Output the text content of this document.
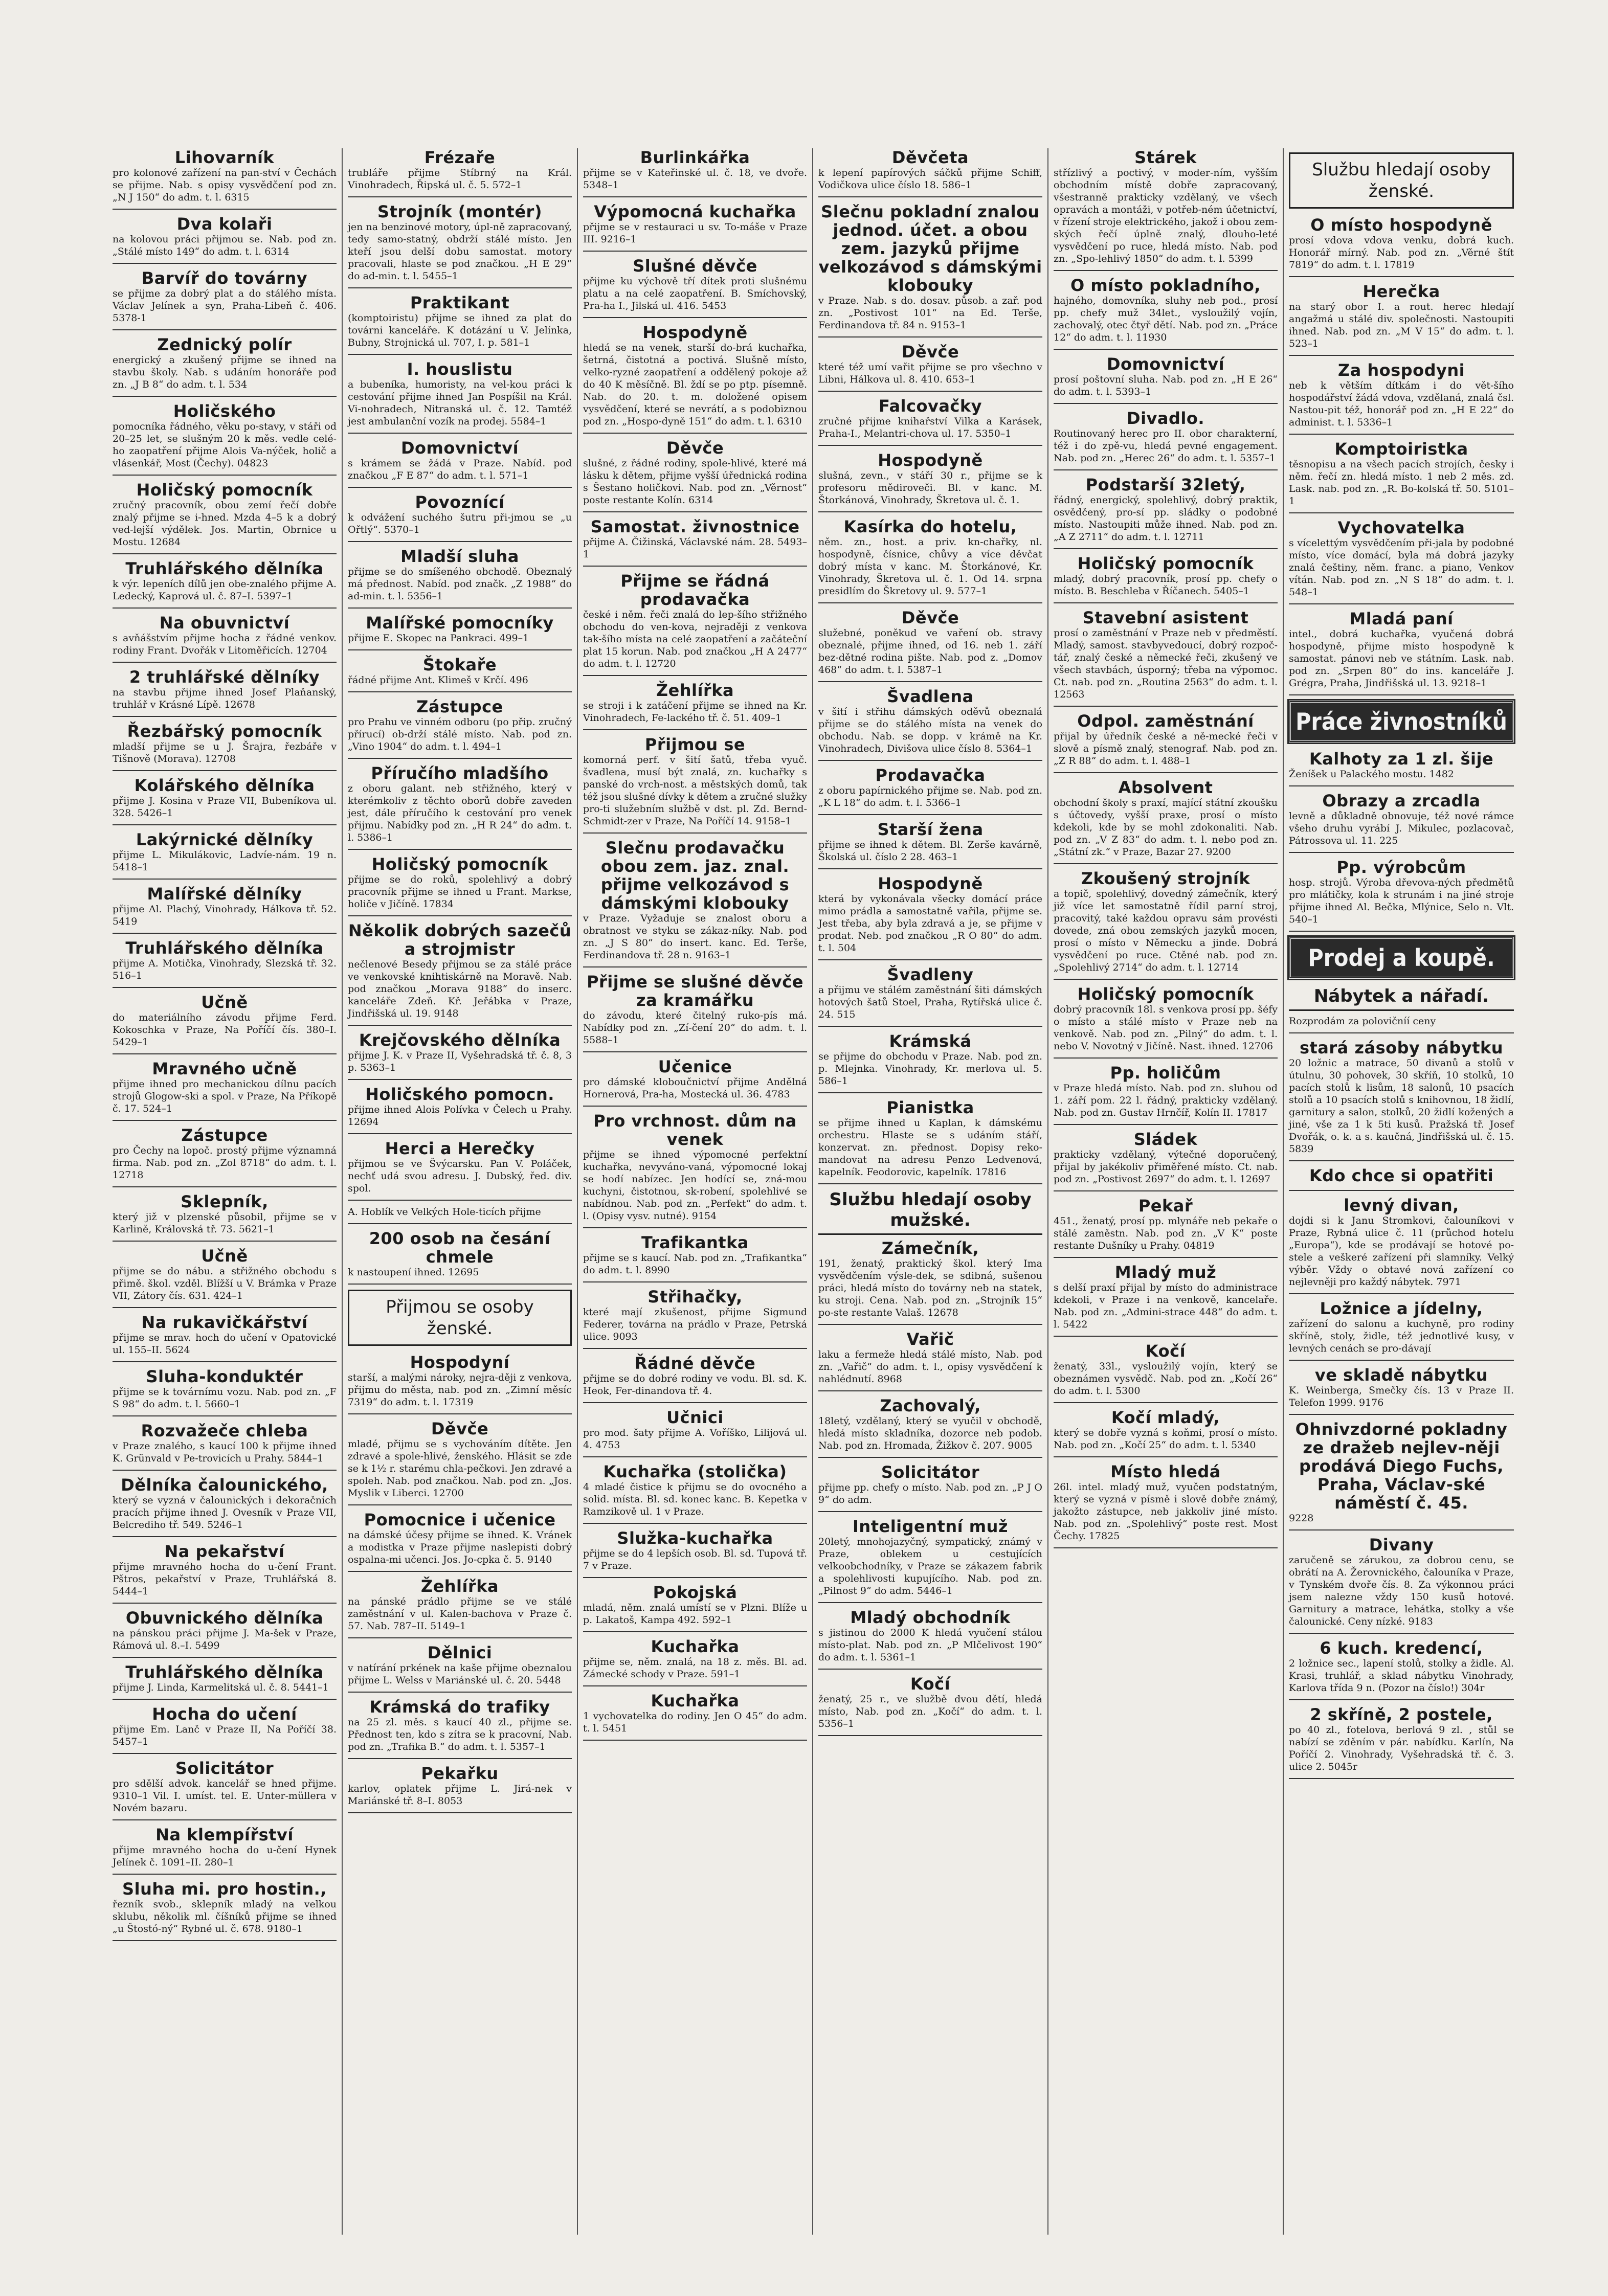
Lihovarník

pro kolonové zařízení na pan-ství v Čechách se přijme. Nab. s opisy vysvědčení pod zn. „N J 150“ do adm. t. l. 6315

Dva kolaři

na kolovou práci přijmou se. Nab. pod zn. „Stálé místo 149“ do adm. t. l. 6314

Barvíř do továrny

se přijme za dobrý plat a do stálého místa. Václav Jelínek a syn, Praha-Libeň č. 406. 5378-1

Zednický polír

energický a zkušený přijme se ihned na stavbu školy. Nab. s udáním honoráře pod zn. „J B 8“ do adm. t. l. 534

Holičského

pomocníka řádného, věku po-stavy, v stáři od 20–25 let, se slušným 20 k měs. vedle celé-ho zaopatření přijme Alois Va-nýček, holič a vlásenkář, Most (Čechy). 04823

Holičský pomocník

zručný pracovník, obou zemí řečí dobře znalý přijme se i-hned. Mzda 4–5 k a dobrý ved-lejší výdělek. Jos. Martin, Obrnice u Mostu. 12684

Truhlářského dělníka

k výr. lepeních dílů jen obe-znalého přijme A. Ledecký, Kaprová ul. č. 87–I. 5397–1

Na obuvnictví

s avňášstvím přijme hocha z řádné venkov. rodiny Frant. Dvořák v Litoměřicích. 12704

2 truhlářské dělníky

na stavbu přijme ihned Josef Plaňanský, truhlář v Krásné Lípě. 12678

Řezbářský pomocník

mladší přijme se u J. Šrajra, řezbáře v Tišnově (Morava). 12708

Kolářského dělníka

přijme J. Kosina v Praze VII, Bubeníkova ul. 328. 5426–1

Lakýrnické dělníky

přijme L. Mikulákovic, Ladvíe-nám. 19 n. 5418–1

Malířské dělníky

přijme Al. Plachý, Vinohrady, Hálkova tř. 52. 5419

Truhlářského dělníka

přijme A. Motička, Vinohrady, Slezská tř. 32. 516–1

Učně

do materiálního závodu přijme Ferd. Kokoschka v Praze, Na Poříčí čís. 380–I. 5429–1

Mravného učně

přijme ihned pro mechanickou dílnu pacích strojů Glogow-ski a spol. v Praze, Na Příkopě č. 17. 524–1

Zástupce

pro Čechy na lopoč. prostý přijme významná firma. Nab. pod zn. „Zol 8718“ do adm. t. l. 12718

Sklepník,

který již v plzenské působil, přijme se v Karlině, Královská tř. 73. 5621–1

Učně

přijme se do nábu. a střižného obchodu s přimě. škol. vzděl. Blížší u V. Brámka v Praze VII, Zátory čís. 631. 424–1

Na rukavičkářství

přijme se mrav. hoch do učení v Opatovické ul. 155–II. 5624

Sluha-konduktér

přijme se k továrnímu vozu. Nab. pod zn. „F S 98“ do adm. t. l. 5660–1

Rozvažeče chleba

v Praze znalého, s kaucí 100 k přijme ihned K. Grünvald v Pe-trovicích u Prahy. 5844–1

Dělníka čalounického,

který se vyzná v čalounických i dekoračních pracích přijme ihned J. Ovesník v Praze VII, Belcrediho tř. 549. 5246–1

Na pekařství

přijme mravného hocha do u-čení Frant. Pštros, pekařství v Praze, Truhlářská 8. 5444–1

Obuvnického dělníka

na pánskou práci přijme J. Ma-šek v Praze, Rámová ul. 8.–I. 5499

Truhlářského dělníka

přijme J. Linda, Karmelitská ul. č. 8. 5441–1

Hocha do učení

přijme Em. Lanč v Praze II, Na Poříčí 38. 5457–1

Solicitátor

pro sdělší advok. kancelář se hned přijme. 9310–1 Vil. I. umíst. tel. E. Unter-müllera v Novém bazaru.

Na klempířství

přijme mravného hocha do u-čení Hynek Jelínek č. 1091–II. 280–1

Sluha mi. pro hostin.,

řezník svob., sklepník mladý na velkou sklubu, několik ml. číšníků přijme se ihned „u Štostó-ný“ Rybné ul. č. 678. 9180–1

Frézaře

trubláře přijme Stíbrný na Král. Vinohradech, Řipská ul. č. 5. 572–1

Strojník (montér)

jen na benzinové motory, úpl-ně zapracovaný, tedy samo-statný, obdrží stálé místo. Jen kteří jsou delší dobu samostat. motory pracovali, hlaste se pod značkou. „H E 29“ do ad-min. t. l. 5455–1

Praktikant

(komptoiristu) přijme se ihned za plat do továrni kanceláře. K dotázání u V. Jelínka, Bubny, Strojnická ul. 707, I. p. 581–1

I. houslistu

a bubeníka, humoristy, na vel-kou práci k cestování přijme ihned Jan Pospíšil na Král. Vi-nohradech, Nitranská ul. č. 12. Tamtéž jest ambulanční vozík na prodej. 5584–1

Domovnictví

s krámem se žádá v Praze. Nabíd. pod značkou „F E 87“ do adm. t. l. 571–1

Povoznící

k odvážení suchého šutru při-jmou se „u Ořtlý“. 5370–1

Mladší sluha

přijme se do smíšeného obchodě. Obeznalý má přednost. Nabíd. pod značk. „Z 1988“ do ad-min. t. l. 5356–1

Malířské pomocníky

přijme E. Skopec na Pankraci. 499–1

Štokaře

řádné přijme Ant. Klimeš v Krčí. 496

Zástupce

pro Prahu ve vinném odboru (po přip. zručný přírucí) ob-drží stálé místo. Nab. pod zn. „Vino 1904“ do adm. t. l. 494–1

Příručího mladšího

z oboru galant. neb střižného, který v kterémkoliv z těchto oborů dobře zaveden jest, dále příručího k cestování pro venek přijmu. Nabídky pod zn. „H R 24“ do adm. t. l. 5386–1

Holičský pomocník

přijme se do roků, spolehlivý a dobrý pracovník přijme se ihned u Frant. Markse, holiče v Jičíně. 17834

Několik dobrých sazečů a strojmistr

nečlenové Besedy přijmou se za stálé práce ve venkovské knihtiskárně na Moravě. Nab. pod značkou „Morava 9188“ do inserc. kanceláře Zdeň. Kř. Jeřábka v Praze, Jindřišská ul. 19. 9148

Krejčovského dělníka

přijme J. K. v Praze II, Vyšehradská tř. č. 8, 3 p. 5363–1

Holičského pomocn.

přijme ihned Alois Polívka v Čelech u Prahy. 12694

Herci a Herečky

přijmou se ve Švýcarsku. Pan V. Poláček, nechť udá svou adresu. J. Dubský, řed. div. spol.

A. Hoblík ve Velkých Hole-ticích přijme

200 osob na česání chmele

k nastoupení ihned. 12695

Přijmou se osoby ženské.
Hospodyní

starší, a malými nároky, nejra-ději z venkova, přijmu do města, nab. pod zn. „Zimní měsíc 7319“ do adm. t. l. 17319

Děvče

mladé, přijmu se s vychováním dítěte. Jen zdravé a spole-hlivé, ženského. Hlásit se zde se k 1½ r. starému chla-pečkovi. Jen zdravé a spoleh. Nab. pod značkou. Nab. pod zn. „Jos. Myslik v Liberci. 12700

Pomocnice i učenice

na dámské účesy přijme se ihned. K. Vránek a modistka v Praze přijme naslepisti dobrý ospalna-mi učenci. Jos. Jo-cpka č. 5. 9140

Žehlířka

na pánské prádlo přijme se ve stálé zaměstnání v ul. Kalen-bachova v Praze č. 57. Nab. 787–II. 5149–1

Dělnici

v natírání prkének na kaše přijme obeznalou přijme L. Welss v Mariánské ul. č. 20. 5448

Krámská do trafiky

na 25 zl. měs. s kaucí 40 zl., přijme se. Přednost ten, kdo s zítra se k pracovní, Nab. pod zn. „Trafika B.“ do adm. t. l. 5357–1

Pekařku

karlov, oplatek přijme L. Jirá-nek v Mariánské tř. 8–I. 8053

Burlinkářka

přijme se v Kateřinské ul. č. 18, ve dvoře. 5348–1

Výpomocná kuchařka

přijme se v restauraci u sv. To-máše v Praze III. 9216–1

Slušné děvče

přijme ku výchově tří dítek proti slušnému platu a na celé zaopatření. B. Smíchovský, Pra-ha I., Jilská ul. 416. 5453

Hospodyně

hledá se na venek, starší do-brá kuchařka, šetrná, čistotná a poctivá. Slušně místo, velko-ryzné zaopatření a oddělený pokoje až do 40 K měsíčně. Bl. ždí se po ptp. písemně. Nab. do 20. t. m. doložené opisem vysvědčení, které se nevrátí, a s podobiznou pod zn. „Hospo-dyně 151“ do adm. t. l. 6310

Děvče

slušné, z řádné rodiny, spole-hlivé, které má lásku k dětem, přijme vyšší úřednická rodina s Šestano holičkovi. Nab. pod zn. „Věrnost“ poste restante Kolín. 6314

Samostat. živnostnice

přijme A. Čižinská, Václavské nám. 28. 5493–1

Přijme se řádná prodavačka

české i něm. řeči znalá do lep-šího střižného obchodu do ven-kova, nejraději z venkova tak-šího místa na celé zaopatření a začáteční plat 15 korun. Nab. pod značkou „H A 2477“ do adm. t. l. 12720

Žehlířka

se stroji i k zatáčení přijme se ihned na Kr. Vinohradech, Fe-lackého tř. č. 51. 409–1

Přijmou se

komorná perf. v šití šatů, třeba vyuč. švadlena, musí být znalá, zn. kuchařky s panské do vrch-nost. a městských domů, tak též jsou slušné dívky k dětem a zručné služky pro-ti služebním službě v dst. pl. Zd. Bernd-Schmidt-zer v Praze, Na Poříčí 14. 9158–1

Slečnu prodavačku obou zem. jaz. znal. přijme velkozávod s dámskými klobouky

v Praze. Vyžaduje se znalost oboru a obratnost ve styku se zákaz-níky. Nab. pod zn. „J S 80“ do insert. kanc. Ed. Terše, Ferdinandova tř. 28 n. 9163–1

Přijme se slušné děvče za kramářku

do závodu, které čitelný ruko-pís má. Nabídky pod zn. „Zí-čení 20“ do adm. t. l. 5588–1

Učenice

pro dámské kloboučnictví přijme Andělná Hornerová, Pra-ha, Mostecká ul. 36. 4783

Pro vrchnost. dům na venek

přijme se ihned výpomocné perfektní kuchařka, nevyváno-vaná, výpomocné lokaj se hodí nabízec. Jen hodící se, zná-mou kuchyni, čistotnou, sk-robení, spolehlivé se nabídnou. Nab. pod zn. „Perfekt“ do adm. t. l. (Opisy vysv. nutné). 9154

Trafikantka

přijme se s kaucí. Nab. pod zn. „Trafikantka“ do adm. t. l. 8990

Střihačky,

které mají zkušenost, přijme Sigmund Federer, továrna na prádlo v Praze, Petrská ulice. 9093

Řádné děvče

přijme se do dobré rodiny ve vodu. Bl. sd. K. Heok, Fer-dinandova tř. 4.

Učnici

pro mod. šaty přijme A. Voříško, Lilijová ul. 4. 4753

Kuchařka (stolička)

4 mladé čistice k přijmu se do ovocného a solid. místa. Bl. sd. konec kanc. B. Kepetka v Ramzikově ul. 1 v Praze.

Služka-kuchařka

přijme se do 4 lepších osob. Bl. sd. Tupová tř. 7 v Praze.

Pokojská

mladá, něm. znalá umístí se v Plzni. Blíže u p. Lakatoš, Kampa 492. 592–1

Kuchařka

přijme se, něm. znalá, na 18 z. měs. Bl. ad. Zámecké schody v Praze. 591–1

Kuchařka

1 vychovatelka do rodiny. Jen O 45“ do adm. t. l. 5451

Děvčeta

k lepení papírových sáčků přijme Schiff, Vodičkova ulice číslo 18. 586–1

Slečnu pokladní znalou jednod. účet. a obou zem. jazyků přijme velkozávod s dámskými klobouky

v Praze. Nab. s do. dosav. působ. a zař. pod zn. „Postivost 101“ na Ed. Terše, Ferdinandova tř. 84 n. 9153–1

Děvče

které též umí vařit přijme se pro všechno v Libni, Hálkova ul. 8. 410. 653–1

Falcovačky

zručné přijme knihařství Vilka a Karásek, Praha-I., Melantri-chova ul. 17. 5350–1

Hospodyně

slušná, zevn., v stáří 30 r., přijme se k profesoru mědiroveči. Bl. v kanc. M. Štorkánová, Vinohrady, Škretova ul. č. 1.

Kasírka do hotelu,

něm. zn., host. a priv. kn-chařky, nl. hospodyně, čísnice, chůvy a více děvčat dobrý místa v kanc. M. Štorkánové, Kr. Vinohrady, Škretova ul. č. 1. Od 14. srpna presidlím do Škretovy ul. 9. 577–1

Děvče

služebné, poněkud ve vaření ob. stravy obeznalé, přijme ihned, od 16. neb 1. září bez-dětné rodina pište. Nab. pod z. „Domov 468“ do adm. t. l. 5387–1

Švadlena

v šití i střihu dámských oděvů obeznalá přijme se do stálého místa na venek do obchodu. Nab. se dopp. v krámě na Kr. Vinohradech, Divišova ulice číslo 8. 5364–1

Prodavačka

z oboru papírnického přijme se. Nab. pod zn. „K L 18“ do adm. t. l. 5366–1

Starší žena

přijme se ihned k dětem. Bl. Zerše kavárně, Školská ul. číslo 2 28. 463–1

Hospodyně

která by vykonávala všecky domácí práce mimo prádla a samostatně vařila, přijme se. Jest třeba, aby byla zdravá a je, se přijme v prodat. Neb. pod značkou „R O 80“ do adm. t. l. 504

Švadleny

a přijmu ve stálém zaměstnání šiti dámských hotových šatů Stoel, Praha, Rytířská ulice č. 24. 515

Krámská

se přijme do obchodu v Praze. Nab. pod zn. p. Mlejnka. Vinohrady, Kr. merlova ul. 5. 586–1

Pianistka

se přijme ihned u Kaplan, k dámskému orchestru. Hlaste se s udáním stáří, konzervat. zn. přednost. Dopisy reko-mandovat na adresu Penzo Ledvenová, kapelník. Feodorovic, kapelník. 17816

Službu hledají osoby mužské.
Zámečník,

191, ženatý, praktický škol. který Ima vysvědčením výsle-dek, se sdibná, sušenou práci, hledá místo do továrny neb na statek, ku stroji. Cena. Nab. pod zn. „Strojník 15“ po-ste restante Valaš. 12678

Vařič

laku a fermeže hledá stálé místo, Nab. pod zn. „Vařič“ do adm. t. l., opisy vysvědčení k nahlédnutí. 8968

Zachovalý,

18letý, vzdělaný, který se vyučil v obchodě, hledá místo skladníka, dozorce neb podob. Nab. pod zn. Hromada, Žižkov č. 207. 9005

Solicitátor

přijme pp. chefy o místo. Nab. pod zn. „P J O 9“ do adm.

Inteligentní muž

20letý, mnohojazyčný, sympatický, známý v Praze, oblekem u cestujících velkoobchodníky, v Praze se zákazem fabrik a spolehlivosti kupujícího. Nab. pod zn. „Pilnost 9“ do adm. 5446–1

Mladý obchodník

s jistinou do 2000 K hledá vyučení stálou místo-plat. Nab. pod zn. „P Mlčelivost 190“ do adm. t. l. 5361–1

Kočí

ženatý, 25 r., ve službě dvou dětí, hledá místo, Nab. pod zn. „Kočí“ do adm. t. l. 5356–1

Stárek

střízlivý a poctivý, v moder-ním, vyšším obchodním místě dobře zapracovaný, všestranně prakticky vzdělaný, ve všech opravách a montáži, v potřeb-ném účetnictví, v řízení stroje elektrického, jakož i obou zem-ských řečí úplně znalý, dlouho-leté vysvědčení po ruce, hledá místo. Nab. pod zn. „Spo-lehlivý 1850“ do adm. t. l. 5399

O místo pokladního,

hajného, domovníka, sluhy neb pod., prosí pp. chefy muž 34let., vysloužilý vojín, zachovalý, otec čtyř dětí. Nab. pod zn. „Práce 12“ do adm. t. l. 11930

Domovnictví

prosí poštovní sluha. Nab. pod zn. „H E 26“ do adm. t. l. 5393–1

Divadlo.

Routinovaný herec pro II. obor charakterní, též i do zpě-vu, hledá pevné engagement. Nab. pod zn. „Herec 26“ do adm. t. l. 5357–1

Podstarší 32letý,

řádný, energický, spolehlivý, dobrý praktik, osvědčený, pro-sí pp. sládky o podobné místo. Nastoupiti může ihned. Nab. pod zn. „A Z 2711“ do adm. t. l. 12711

Holičský pomocník

mladý, dobrý pracovník, prosí pp. chefy o místo. B. Beschleba v Říčanech. 5405–1

Stavební asistent

prosí o zaměstnání v Praze neb v předměstí. Mladý, samost. stavbyvedoucí, dobrý rozpoč-tář, znalý české a německé řeči, zkušený ve všech stavbách, úsporný; třeba na výpomoc. Ct. nab. pod zn. „Routina 2563“ do adm. t. l. 12563

Odpol. zaměstnání

přijal by úředník české a ně-mecké řeči v slově a písmě znalý, stenograf. Nab. pod zn. „Z R 88“ do adm. t. l. 488–1

Absolvent

obchodní školy s praxí, mající státní zkoušku s účtovedy, vyšší praxe, prosí o místo kdekoli, kde by se mohl zdokonaliti. Nab. pod zn. „V Z 83“ do adm. t. l. nebo pod zn. „Státní zk.“ v Praze, Bazar 27. 9200

Zkoušený strojník

a topič, spolehlivý, dovedný zámečník, který již více let samostatně řídil parní stroj, pracovitý, také každou opravu sám provésti dovede, zná obou zemských jazyků mocen, prosí o místo v Německu a jinde. Dobrá vysvědčení po ruce. Ctěné nab. pod zn. „Spolehlivý 2714“ do adm. t. l. 12714

Holičský pomocník

dobrý pracovník 18l. s venkova prosí pp. šéfy o místo a stálé místo v Praze neb na venkově. Nab. pod zn. „Pilný“ do adm. t. l. nebo V. Novotný v Jičíně. Nast. ihned. 12706

Pp. holičům

v Praze hledá místo. Nab. pod zn. sluhou od 1. září pom. 22 l. řádný, prakticky vzdělaný. Nab. pod zn. Gustav Hrnčíř, Kolín II. 17817

Sládek

prakticky vzdělaný, výtečné doporučený, přijal by jakékoliv přiměřené místo. Ct. nab. pod zn. „Postivost 2697“ do adm. t. l. 12697

Pekař

451., ženatý, prosí pp. mlynáře neb pekaře o stálé zaměstn. Nab. pod zn. „V K“ poste restante Dušníky u Prahy. 04819

Mladý muž

s delší praxí přijal by místo do administrace kdekoli, v Praze i na venkově, kancelaře. Nab. pod zn. „Admini-strace 448“ do adm. t. l. 5422

Kočí

ženatý, 33l., vysloužilý vojín, který se obeznámen vysvědč. Nab. pod zn. „Kočí 26“ do adm. t. l. 5300

Kočí mladý,

který se dobře vyzná s koňmi, prosí o místo. Nab. pod zn. „Kočí 25“ do adm. t. l. 5340

Místo hledá

26l. intel. mladý muž, vyučen podstatným, který se vyzná v písmě i slově dobře známý, jakožto zástupce, neb jakkoliv jiné místo. Nab. pod zn. „Spolehlivý“ poste rest. Most Čechy. 17825

Službu hledají osoby ženské.
O místo hospodyně

prosí vdova vdova venku, dobrá kuch. Honorář mírný. Nab. pod zn. „Věrné štít 7819“ do adm. t. l. 17819

Herečka

na starý obor I. a rout. herec hledají angažmá u stálé div. společnosti. Nastoupiti ihned. Nab. pod zn. „M V 15“ do adm. t. l. 523–1

Za hospodyni

neb k větším dítkám i do vět-šího hospodářství žádá vdova, vzdělaná, znalá čsl. Nastou-pit též, honorář pod zn. „H E 22“ do administ. t. l. 5336–1

Komptoiristka

těsnopisu a na všech pacích strojích, česky i něm. řečí zn. hledá místo. 1 neb 2 měs. zd. Lask. nab. pod zn. „R. Bo-kolská tř. 50. 5101–1

Vychovatelka

s vícelettým vysvědčením při-jala by podobné místo, více domácí, byla má dobrá jazyky znalá češtiny, něm. franc. a piano, Venkov vítán. Nab. pod zn. „N S 18“ do adm. t. l. 548–1

Mladá paní

intel., dobrá kuchařka, vyučená dobrá hospodyně, přijme místo hospodyně k samostat. pánovi neb ve státním. Lask. nab. pod zn. „Srpen 80“ do ins. kanceláře J. Grégra, Praha, Jindřišská ul. 13. 9218–1

Práce živnostníků
Kalhoty za 1 zl. šije

Ženíšek u Palackého mostu. 1482

Obrazy a zrcadla

levně a důkladně obnovuje, též nové rámce všeho druhu vyrábí J. Mikulec, pozlacovač, Pátrossova ul. 11. 225

Pp. výrobcům

hosp. strojů. Výroba dřevova-ných předmětů pro mlátičky, kola k strunám i na jiné stroje přijme ihned Al. Bečka, Mlýnice, Selo n. Vlt. 540–1

Prodej a koupě.
Nábytek a nářadí.

Rozprodám za polovičníí ceny

stará zásoby nábytku

20 ložnic a matrace, 50 divanů a stolů v útulnu, 30 pohovek, 30 skříň, 10 stolků, 10 pacích stolů k lisům, 18 salonů, 10 psacích stolů a 10 psacích stolů s knihovnou, 18 židlí, garnitury a salon, stolků, 20 židlí kožených a jiné, vše za 1 k 5ti kusů. Pražská tř. Josef Dvořák, o. k. a s. kaučná, Jindřišská ul. č. 15. 5839

Kdo chce si opatřiti
levný divan,

dojdi si k Janu Stromkovi, čalouníkovi v Praze, Rybná ulice č. 11 (průchod hotelu „Europa“), kde se prodávají se hotové po-stele a veškeré zařízení při slamníky. Velký výběr. Vždy o obtavé nová zařízení co nejlevněji pro každý nábytek. 7971

Ložnice a jídelny,

zařízení do salonu a kuchyně, pro rodiny skříně, stoly, židle, též jednotlivé kusy, v levných cenách se pro-dávají

ve skladě nábytku

K. Weinberga, Smečky čís. 13 v Praze II. Telefon 1999. 9176

Ohnivzdorné pokladny ze dražeb nejlev-něji prodává Diego Fuchs, Praha, Václav-ské náměstí č. 45.

9228

Divany

zaručeně se zárukou, za dobrou cenu, se obrátí na A. Žerovnického, čalouníka v Praze, v Tynském dvoře čís. 8. Za výkonnou práci jsem nalezne vždy 150 kusů hotové. Garnitury a matrace, lehátka, stolky a vše čalounické. Ceny nízké. 9183

6 kuch. kredencí,

2 ložnice sec., lapení stolů, stolky a židle. Al. Krasi, truhlář, a sklad nábytku Vinohrady, Karlova třída 9 n. (Pozor na číslo!) 304r

2 skříně, 2 postele,

po 40 zl., fotelova, berlová 9 zl. , stůl se nabízí se zděním v pár. nabídku. Karlín, Na Poříčí 2. Vinohrady, Vyšehradská tř. č. 3. ulice 2. 5045r
